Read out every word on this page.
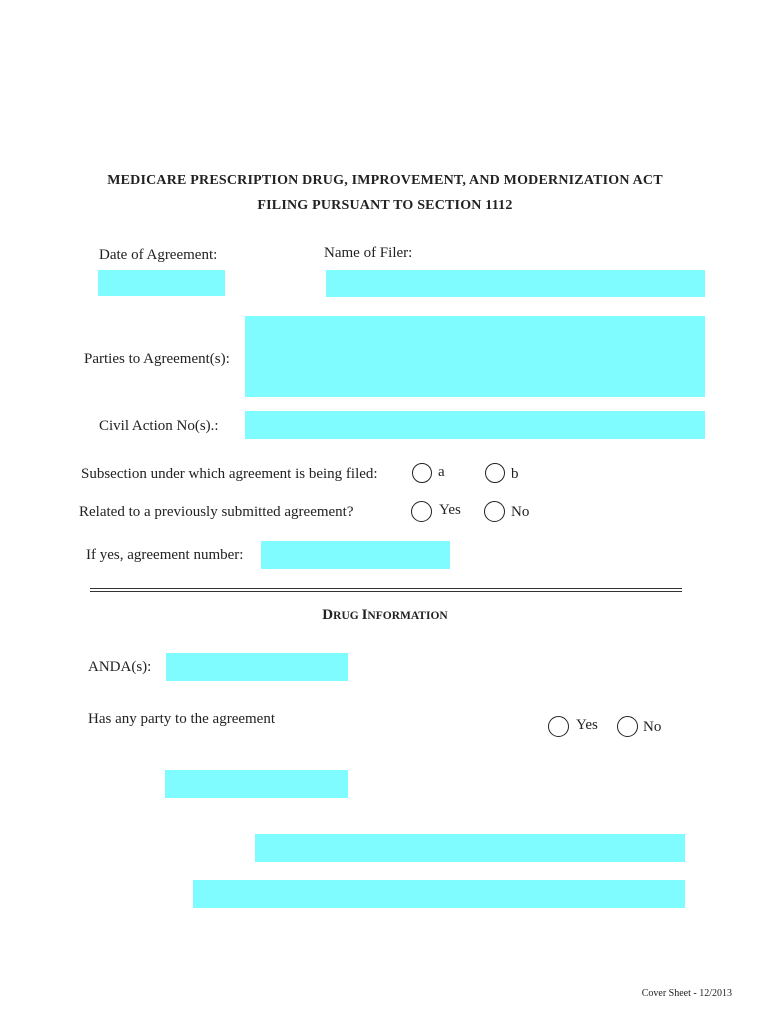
MEDICARE PRESCRIPTION DRUG, IMPROVEMENT, AND MODERNIZATION ACT
FILING PURSUANT TO SECTION 1112
Date of Agreement:	Name of Filer:
Parties to Agreement(s):
Civil Action No(s).:
Subsection under which agreement is being filed:	a	b
Related to a previously submitted agreement?	Yes	No
If yes, agreement number:
DRUG INFORMATION
ANDA(s):
Has any party to the agreement	Yes	No
Cover Sheet - 12/2013
